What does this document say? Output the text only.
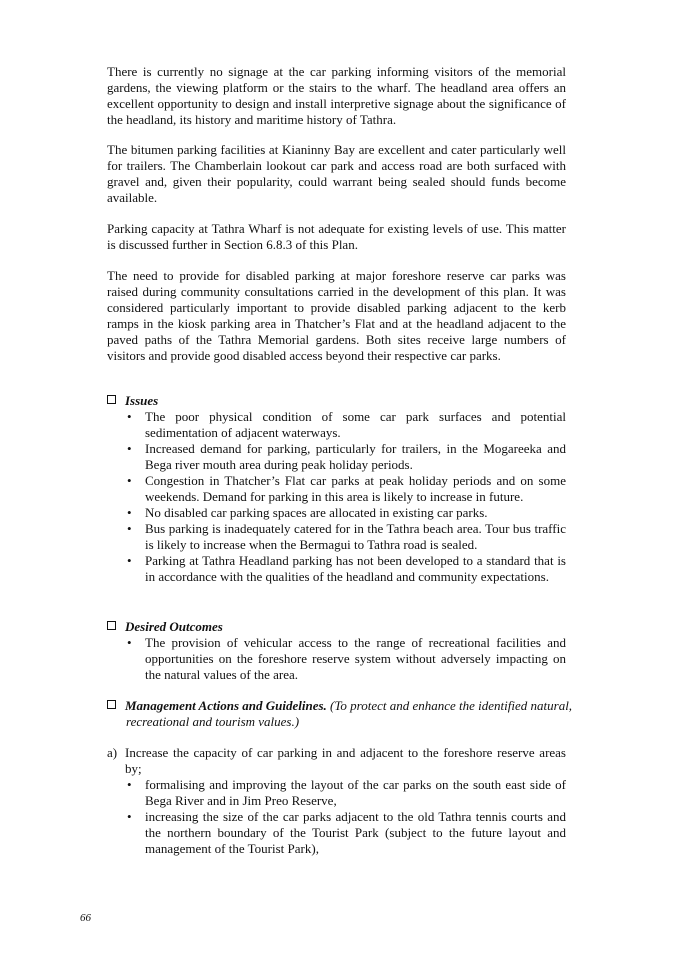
There is currently no signage at the car parking informing visitors of the memorial gardens, the viewing platform or the stairs to the wharf. The headland area offers an excellent opportunity to design and install interpretive signage about the significance of the headland, its history and maritime history of Tathra.

The bitumen parking facilities at Kianinny Bay are excellent and cater particularly well for trailers. The Chamberlain lookout car park and access road are both surfaced with gravel and, given their popularity, could warrant being sealed should funds become available.

Parking capacity at Tathra Wharf is not adequate for existing levels of use. This matter is discussed further in Section 6.8.3 of this Plan.

The need to provide for disabled parking at major foreshore reserve car parks was raised during community consultations carried in the development of this plan. It was considered particularly important to provide disabled parking adjacent to the kerb ramps in the kiosk parking area in Thatcher’s Flat and at the headland adjacent to the paved paths of the Tathra Memorial gardens. Both sites receive large numbers of visitors and provide good disabled access beyond their respective car parks.

Issues

• The poor physical condition of some car park surfaces and potential sedimentation of adjacent waterways.
• Increased demand for parking, particularly for trailers, in the Mogareeka and Bega river mouth area during peak holiday periods.
• Congestion in Thatcher’s Flat car parks at peak holiday periods and on some weekends. Demand for parking in this area is likely to increase in future.
• No disabled car parking spaces are allocated in existing car parks.
• Bus parking is inadequately catered for in the Tathra beach area. Tour bus traffic is likely to increase when the Bermagui to Tathra road is sealed.
• Parking at Tathra Headland parking has not been developed to a standard that is in accordance with the qualities of the headland and community expectations.

Desired Outcomes

• The provision of vehicular access to the range of recreational facilities and opportunities on the foreshore reserve system without adversely impacting on the natural values of the area.

Management Actions and Guidelines. (To protect and enhance the identified natural, recreational and tourism values.)

a) Increase the capacity of car parking in and adjacent to the foreshore reserve areas by;
• formalising and improving the layout of the car parks on the south east side of Bega River and in Jim Preo Reserve,
• increasing the size of the car parks adjacent to the old Tathra tennis courts and the northern boundary of the Tourist Park (subject to the future layout and management of the Tourist Park),
66
